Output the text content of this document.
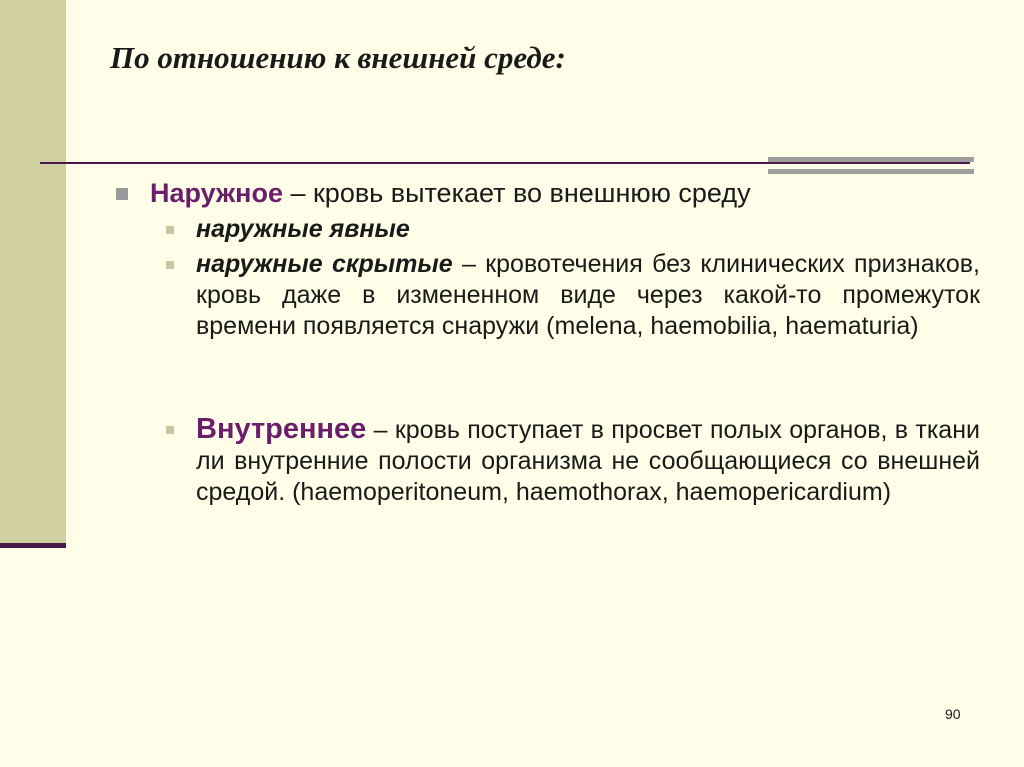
По отношению к внешней среде:
Наружное – кровь вытекает во внешнюю среду
наружные явные
наружные скрытые – кровотечения без клинических признаков, кровь даже в измененном виде через какой-то промежуток времени появляется снаружи (melena, haemobilia, haematuria)
Внутреннее – кровь поступает в просвет полых органов, в ткани ли внутренние полости организма не сообщающиеся со внешней средой. (haemoperitoneum, haemothorax, haemopericardium)
90
